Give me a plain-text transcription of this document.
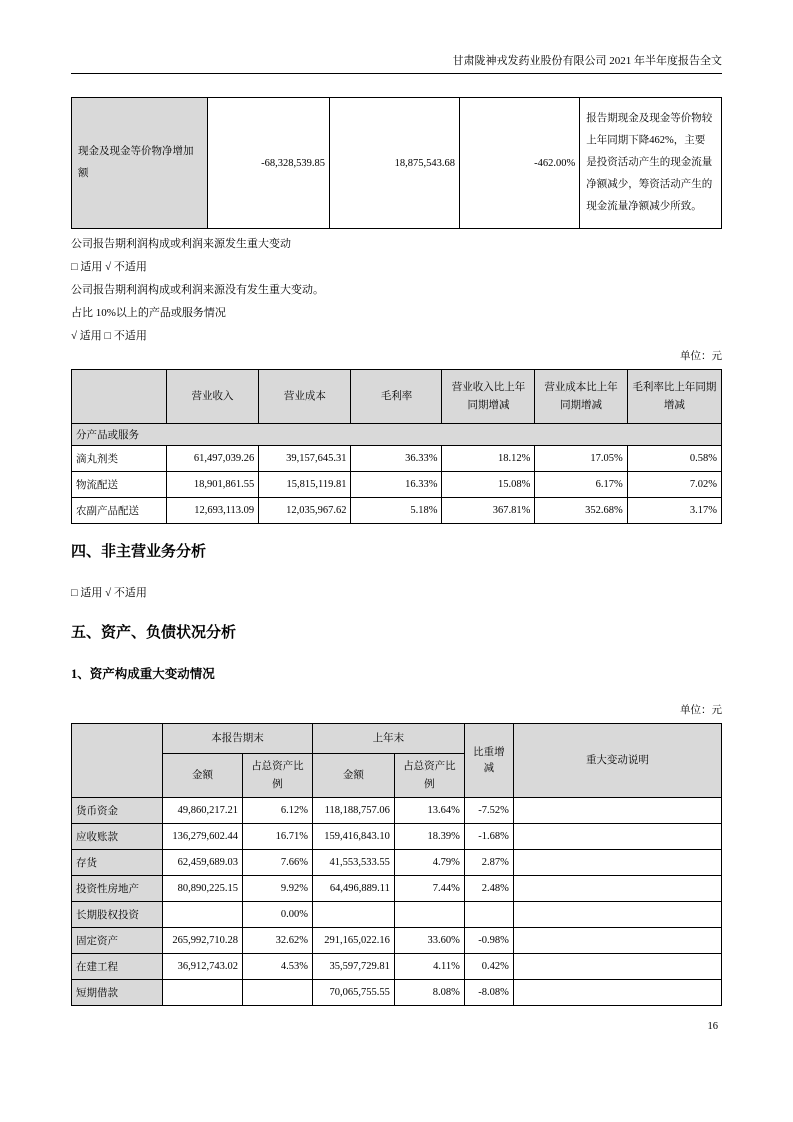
甘肃陇神戎发药业股份有限公司 2021 年半年度报告全文
现金及现金等价物净增加额	-68,328,539.85	18,875,543.68	-462.00%	报告期现金及现金等价物较上年同期下降462%，主要是投资活动产生的现金流量净额减少，筹资活动产生的现金流量净额减少所致。
公司报告期利润构成或利润来源发生重大变动
□ 适用 √ 不适用
公司报告期利润构成或利润来源没有发生重大变动。
占比 10%以上的产品或服务情况
√ 适用 □ 不适用
单位：元
	营业收入	营业成本	毛利率	营业收入比上年同期增减	营业成本比上年同期增减	毛利率比上年同期增减
分产品或服务						
滴丸剂类	61,497,039.26	39,157,645.31	36.33%	18.12%	17.05%	0.58%
物流配送	18,901,861.55	15,815,119.81	16.33%	15.08%	6.17%	7.02%
农副产品配送	12,693,113.09	12,035,967.62	5.18%	367.81%	352.68%	3.17%
四、非主营业务分析
□ 适用 √ 不适用
五、资产、负债状况分析
1、资产构成重大变动情况
单位：元
	本报告期末		上年末		比重增减	重大变动说明
	金额	占总资产比例	金额	占总资产比例		
货币资金	49,860,217.21	6.12%	118,188,757.06	13.64%	-7.52%	
应收账款	136,279,602.44	16.71%	159,416,843.10	18.39%	-1.68%	
存货	62,459,689.03	7.66%	41,553,533.55	4.79%	2.87%	
投资性房地产	80,890,225.15	9.92%	64,496,889.11	7.44%	2.48%	
长期股权投资		0.00%				
固定资产	265,992,710.28	32.62%	291,165,022.16	33.60%	-0.98%	
在建工程	36,912,743.02	4.53%	35,597,729.81	4.11%	0.42%	
短期借款			70,065,755.55	8.08%	-8.08%	
16
